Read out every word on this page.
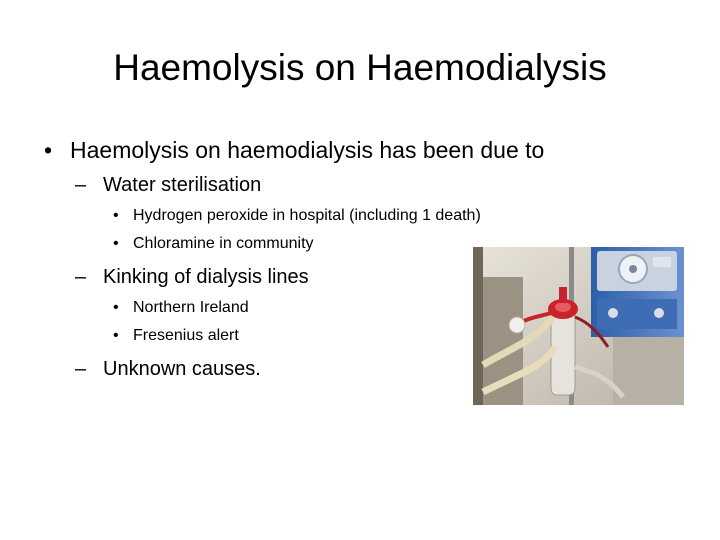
Haemolysis on Haemodialysis
• Haemolysis on haemodialysis has been due to
– Water sterilisation
• Hydrogen peroxide in hospital (including 1 death)
• Chloramine in community
– Kinking of dialysis lines
• Northern Ireland
• Fresenius alert
– Unknown causes.
